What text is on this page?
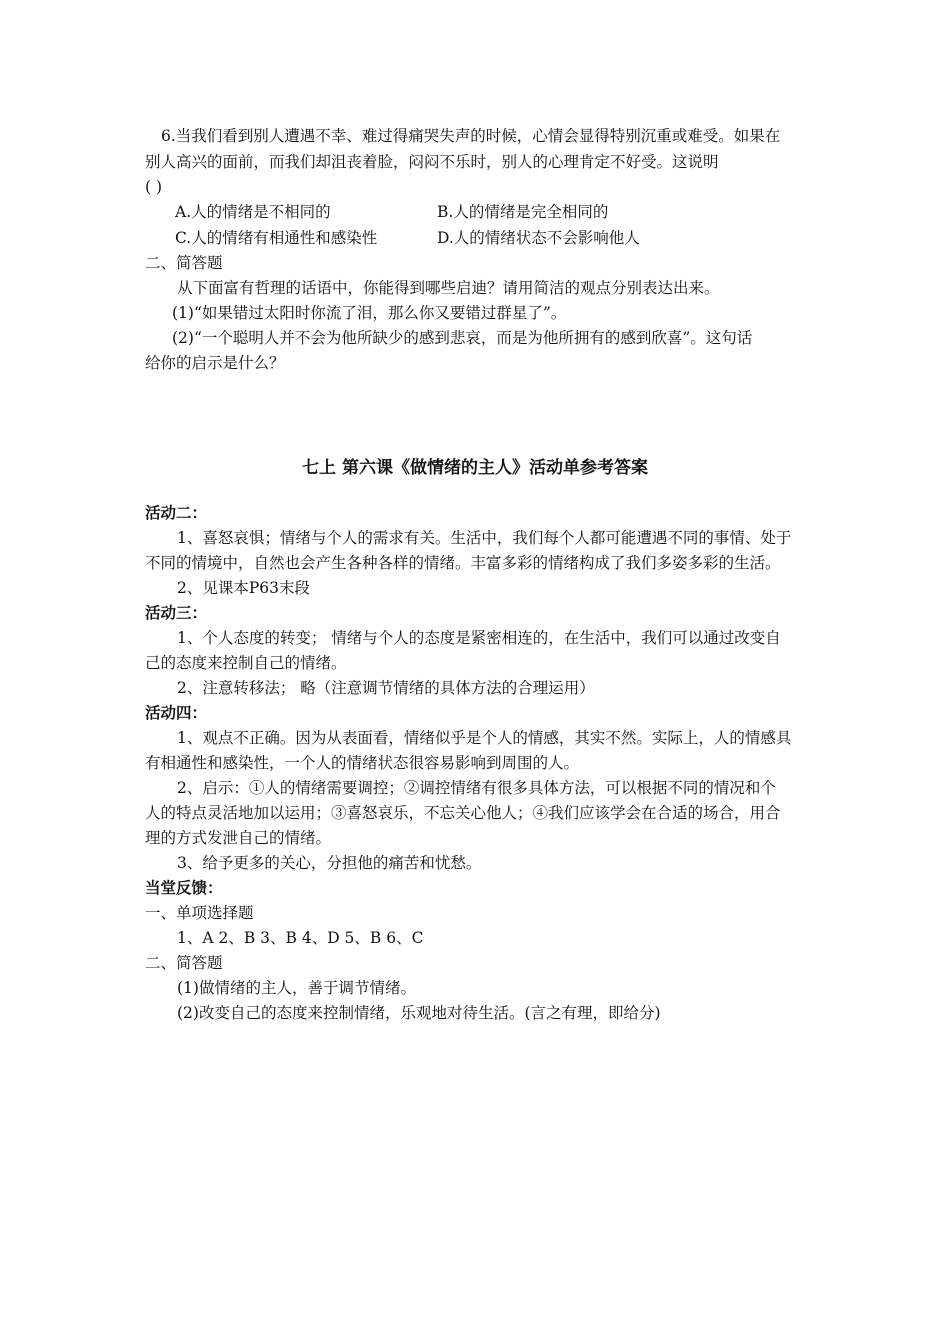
6.当我们看到别人遭遇不幸、难过得痛哭失声的时候，心情会显得特别沉重或难受。如果在
别人高兴的面前，而我们却沮丧着脸，闷闷不乐时，别人的心理肯定不好受。这说明
( )
A.人的情绪是不相同的	B.人的情绪是完全相同的
C.人的情绪有相通性和感染性	D.人的情绪状态不会影响他人
二、简答题
从下面富有哲理的话语中，你能得到哪些启迪？请用简洁的观点分别表达出来。
(1)“如果错过太阳时你流了泪，那么你又要错过群星了”。
(2)“一个聪明人并不会为他所缺少的感到悲哀，而是为他所拥有的感到欣喜”。这句话
给你的启示是什么？
七上 第六课《做情绪的主人》活动单参考答案
活动二：
1、喜怒哀惧；情绪与个人的需求有关。生活中，我们每个人都可能遭遇不同的事情、处于
不同的情境中，自然也会产生各种各样的情绪。丰富多彩的情绪构成了我们多姿多彩的生活。
2、见课本P63末段
活动三：
1、个人态度的转变； 情绪与个人的态度是紧密相连的，在生活中，我们可以通过改变自
己的态度来控制自己的情绪。
2、注意转移法； 略（注意调节情绪的具体方法的合理运用）
活动四：
1、观点不正确。因为从表面看，情绪似乎是个人的情感，其实不然。实际上，人的情感具
有相通性和感染性，一个人的情绪状态很容易影响到周围的人。
2、启示：①人的情绪需要调控；②调控情绪有很多具体方法，可以根据不同的情况和个
人的特点灵活地加以运用；③喜怒哀乐，不忘关心他人；④我们应该学会在合适的场合，用合
理的方式发泄自己的情绪。
3、给予更多的关心，分担他的痛苦和忧愁。
当堂反馈：
一、单项选择题
1、A 2、B 3、B 4、D 5、B 6、C
二、简答题
(1)做情绪的主人，善于调节情绪。
(2)改变自己的态度来控制情绪，乐观地对待生活。(言之有理，即给分)
